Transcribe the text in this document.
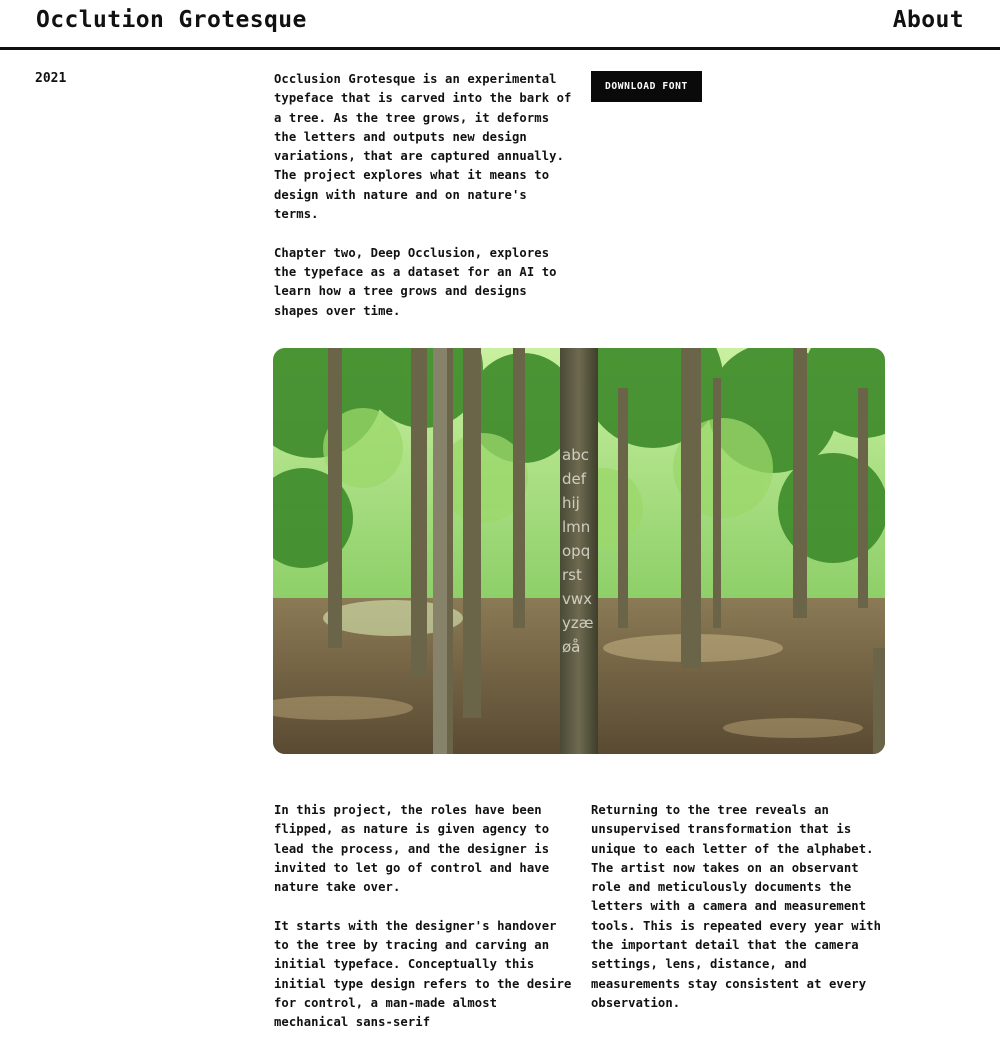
Occlution Grotesque	About
2021	Occlusion Grotesque is an experimental typeface that is carved into the bark of a tree. As the tree grows, it deforms the letters and outputs new design variations, that are captured annually. The project explores what it means to design with nature and on nature's terms.

Chapter two, Deep Occlusion, explores the typeface as a dataset for an AI to learn how a tree grows and designs shapes over time.

DOWNLOAD FONT
abc
def
hij
lmn
opq
rst
vwx
yzæ
øå

In this project, the roles have been flipped, as nature is given agency to lead the process, and the designer is invited to let go of control and have nature take over.

It starts with the designer's handover to the tree by tracing and carving an initial typeface. Conceptually this initial type design refers to the desire for control, a man-made almost mechanical sans-serif

Returning to the tree reveals an unsupervised transformation that is unique to each letter of the alphabet. The artist now takes on an observant role and meticulously documents the letters with a camera and measurement tools. This is repeated every year with the important detail that the camera settings, lens, distance, and measurements stay consistent at every observation.
